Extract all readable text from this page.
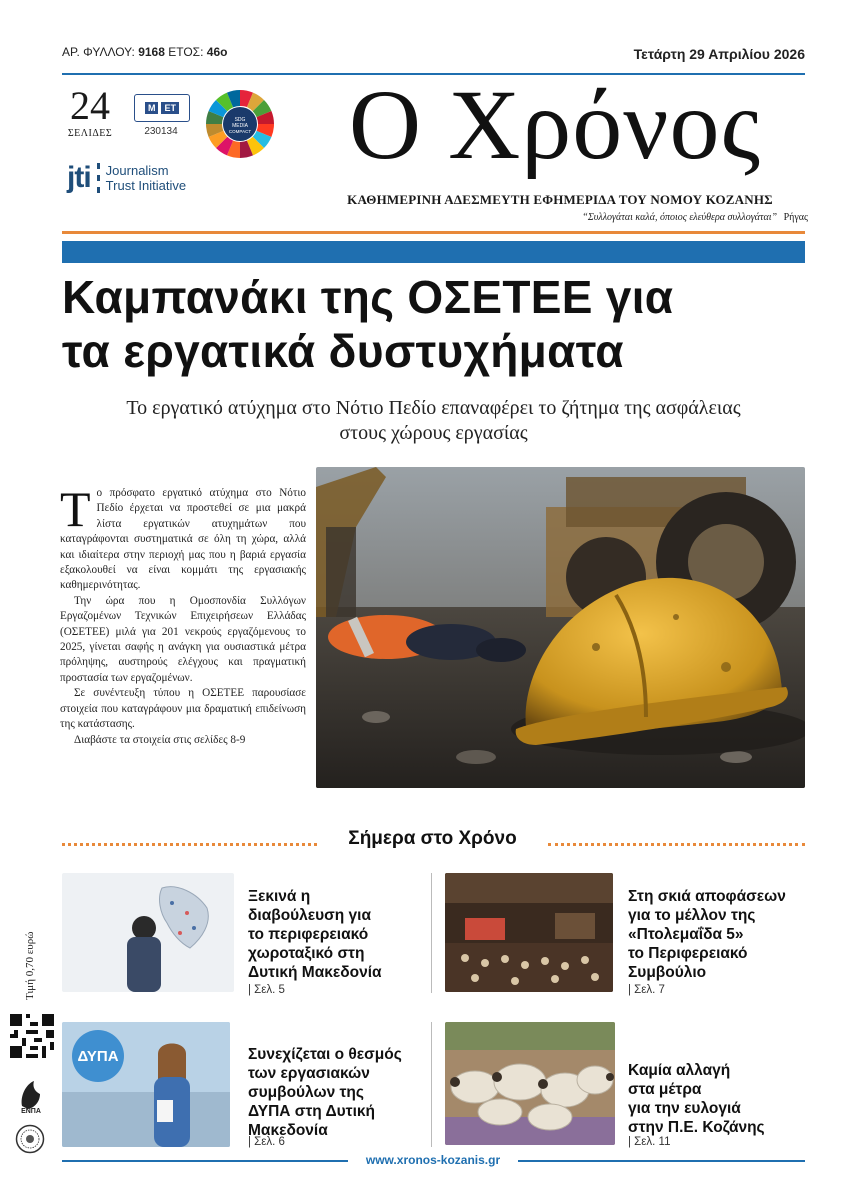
ΑΡ. ΦΥΛΛΟΥ: 9168 ΕΤΟΣ: 46ο	Τετάρτη 29 Απριλίου 2026
24
ΣΕΛΙΔΕΣ
M	ET
230134
SDG
MEDIA
COMPACT
jti Journalism
Trust Initiative
Ο Χρόνος
ΚΑΘΗΜΕΡΙΝΗ ΑΔΕΣΜΕΥΤΗ ΕΦΗΜΕΡΙΔΑ ΤΟΥ ΝΟΜΟΥ ΚΟΖΑΝΗΣ
“Συλλογάται καλά, όποιος ελεύθερα συλλογάται” Ρήγας
Καμπανάκι της ΟΣΕΤΕΕ για
τα εργατικά δυστυχήματα
Το εργατικό ατύχημα στο Νότιο Πεδίο επαναφέρει το ζήτημα της ασφάλειας
στους χώρους εργασίας

Το πρόσφατο εργατικό ατύχημα στο Νότιο Πεδίο έρχεται να προστεθεί σε μια μακρά λίστα εργατικών ατυχημάτων που καταγράφονται συστηματικά σε όλη τη χώρα, αλλά και ιδιαίτερα στην περιοχή μας που η βαριά εργασία εξακολουθεί να είναι κομμάτι της εργασιακής καθημερινότητας.

Την ώρα που η Ομοσπονδία Συλλόγων Εργαζομένων Τεχνικών Επιχειρήσεων Ελλάδας (ΟΣΕΤΕΕ) μιλά για 201 νεκρούς εργαζόμενους το 2025, γίνεται σαφής η ανάγκη για ουσιαστικά μέτρα πρόληψης, αυστηρούς ελέγχους και πραγματική προστασία των εργαζομένων.

Σε συνέντευξη τύπου η ΟΣΕΤΕΕ παρουσίασε στοιχεία που καταγράφουν μια δραματική επιδείνωση της κατάστασης.

Διαβάστε τα στοιχεία στις σελίδες 8-9

Σήμερα στο Χρόνο
Ξεκινά η
διαβούλευση για
το περιφερειακό
χωροταξικό στη
Δυτική Μακεδονία
| Σελ. 5
Στη σκιά αποφάσεων
για το μέλλον της
«Πτολεμαΐδα 5»
το Περιφερειακό
Συμβούλιο
| Σελ. 7
ΔΥΠΑ	Συνεχίζεται ο θεσμός
των εργασιακών
συμβούλων της
ΔΥΠΑ στη Δυτική
Μακεδονία
| Σελ. 6
Καμία αλλαγή
στα μέτρα
για την ευλογιά
στην Π.Ε. Κοζάνης
| Σελ. 11
Τιμή 0,70 ευρώ
ΕΝΠΑ
www.xronos-kozanis.gr
